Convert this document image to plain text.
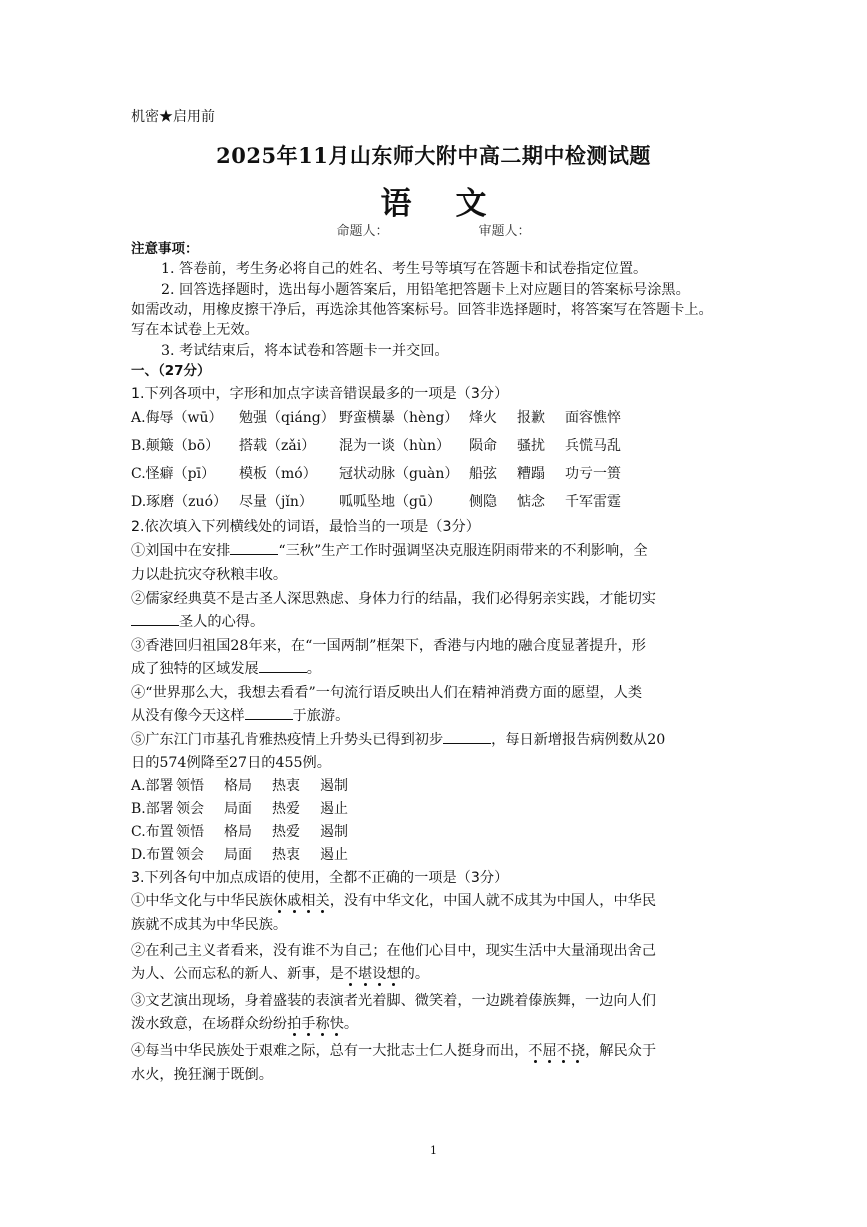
机密★启用前
2025年11月山东师大附中高二期中检测试题
语 文
命题人：	审题人：
注意事项：
1. 答卷前，考生务必将自己的姓名、考生号等填写在答题卡和试卷指定位置。
2. 回答选择题时，选出每小题答案后，用铅笔把答题卡上对应题目的答案标号涂黑。
如需改动，用橡皮擦干净后，再选涂其他答案标号。回答非选择题时，将答案写在答题卡上。
写在本试卷上无效。
3. 考试结束后，将本试卷和答题卡一并交回。
一、（27分）
1.下列各项中，字形和加点字读音错误最多的一项是（3分）
A.侮辱（wū）	勉强（qiáng） 野蛮横暴（hèng） 烽火	报歉	面容憔悴
B.颠簸（bō）	搭载（zǎi）	混为一谈（hùn）	陨命	骚扰	兵慌马乱
C.怪癖（pī）	模板（mó）	冠状动脉（guàn） 船弦	糟蹋	功亏一篑
D.琢磨（zuó） 尽量（jǐn）	呱呱坠地（gū）	侧隐	惦念	千军雷霆
2.依次填入下列横线处的词语，最恰当的一项是（3分）
①刘国中在安排	“三秋”生产工作时强调坚决克服连阴雨带来的不利影响，全
力以赴抗灾夺秋粮丰收。
②儒家经典莫不是古圣人深思熟虑、身体力行的结晶，我们必得躬亲实践，才能切实
圣人的心得。
③香港回归祖国28年来，在“一国两制”框架下，香港与内地的融合度显著提升，形
成了独特的区域发展	。
④“世界那么大，我想去看看”一句流行语反映出人们在精神消费方面的愿望，人类
从没有像今天这样	于旅游。
⑤广东江门市基孔肯雅热疫情上升势头已得到初步	，每日新增报告病例数从20
日的574例降至27日的455例。
A.部署 领悟	格局	热衷	遏制
B.部署 领会	局面	热爱	遏止
C.布置 领悟	格局	热爱	遏制
D.布置 领会	局面	热衷	遏止
3.下列各句中加点成语的使用，全都不正确的一项是（3分）
①中华文化与中华民族休戚相关，没有中华文化，中国人就不成其为中国人，中华民
族就不成其为中华民族。
②在利己主义者看来，没有谁不为自己；在他们心目中，现实生活中大量涌现出舍己
为人、公而忘私的新人、新事，是不堪设想的。
③文艺演出现场，身着盛装的表演者光着脚、微笑着，一边跳着傣族舞，一边向人们
泼水致意，在场群众纷纷拍手称快。
④每当中华民族处于艰难之际，总有一大批志士仁人挺身而出，不屈不挠，解民众于
水火，挽狂澜于既倒。
1
